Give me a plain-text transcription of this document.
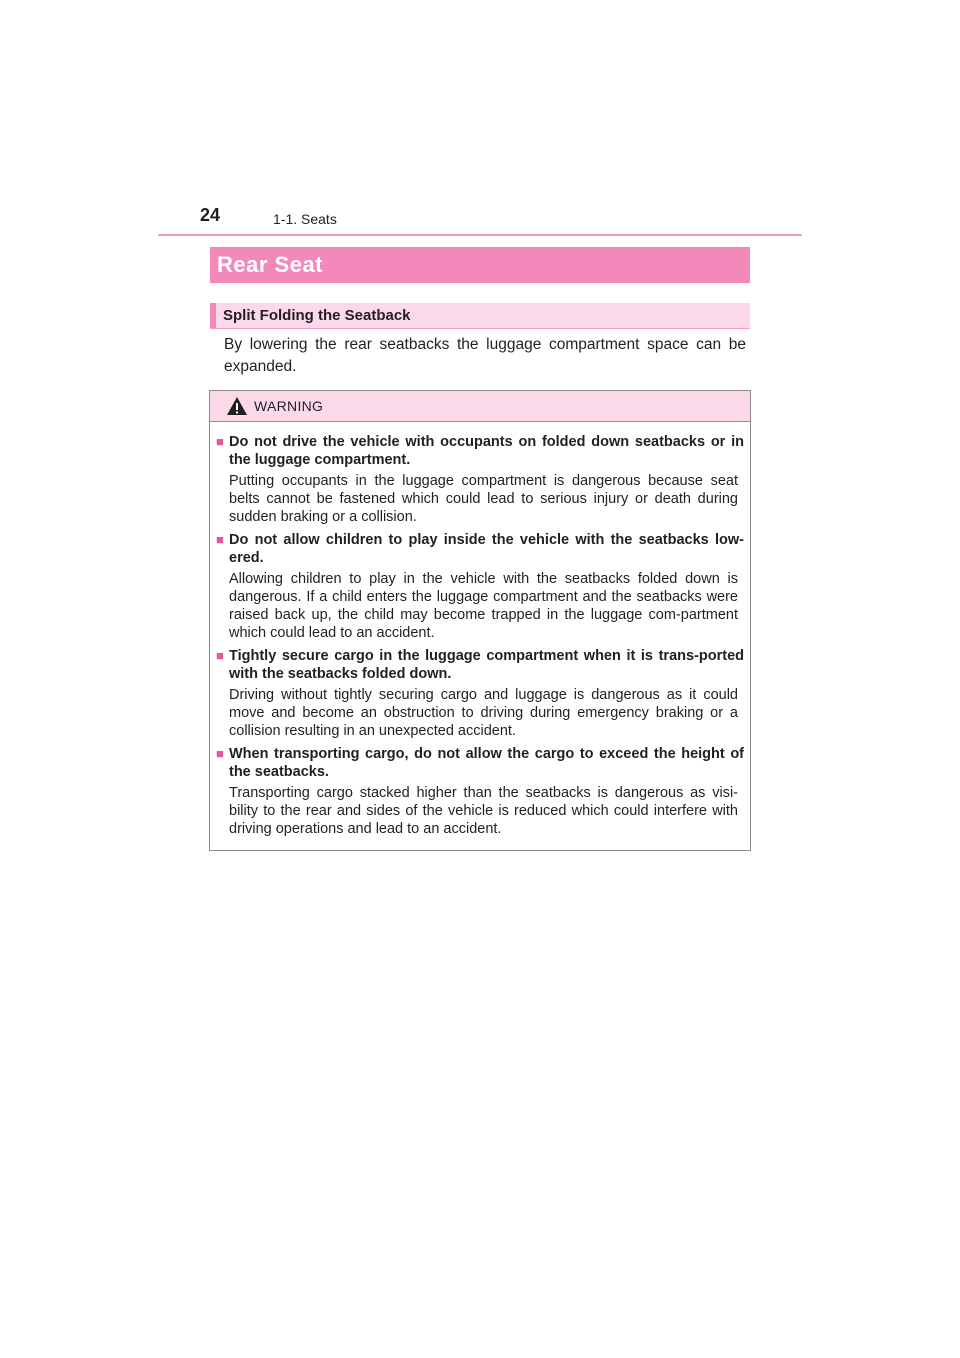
24	1-1. Seats
Rear Seat
Split Folding the Seatback

By lowering the rear seatbacks the luggage compartment space can be expanded.

WARNING
■ Do not drive the vehicle with occupants on folded down seatbacks or in the luggage compartment.

Putting occupants in the luggage compartment is dangerous because seat belts cannot be fastened which could lead to serious injury or death during sudden braking or a collision.

■ Do not allow children to play inside the vehicle with the seatbacks low-ered.

Allowing children to play in the vehicle with the seatbacks folded down is dangerous. If a child enters the luggage compartment and the seatbacks were raised back up, the child may become trapped in the luggage com-partment which could lead to an accident.

■ Tightly secure cargo in the luggage compartment when it is trans-ported with the seatbacks folded down.

Driving without tightly securing cargo and luggage is dangerous as it could move and become an obstruction to driving during emergency braking or a collision resulting in an unexpected accident.

■ When transporting cargo, do not allow the cargo to exceed the height of the seatbacks.

Transporting cargo stacked higher than the seatbacks is dangerous as visi-bility to the rear and sides of the vehicle is reduced which could interfere with driving operations and lead to an accident.
